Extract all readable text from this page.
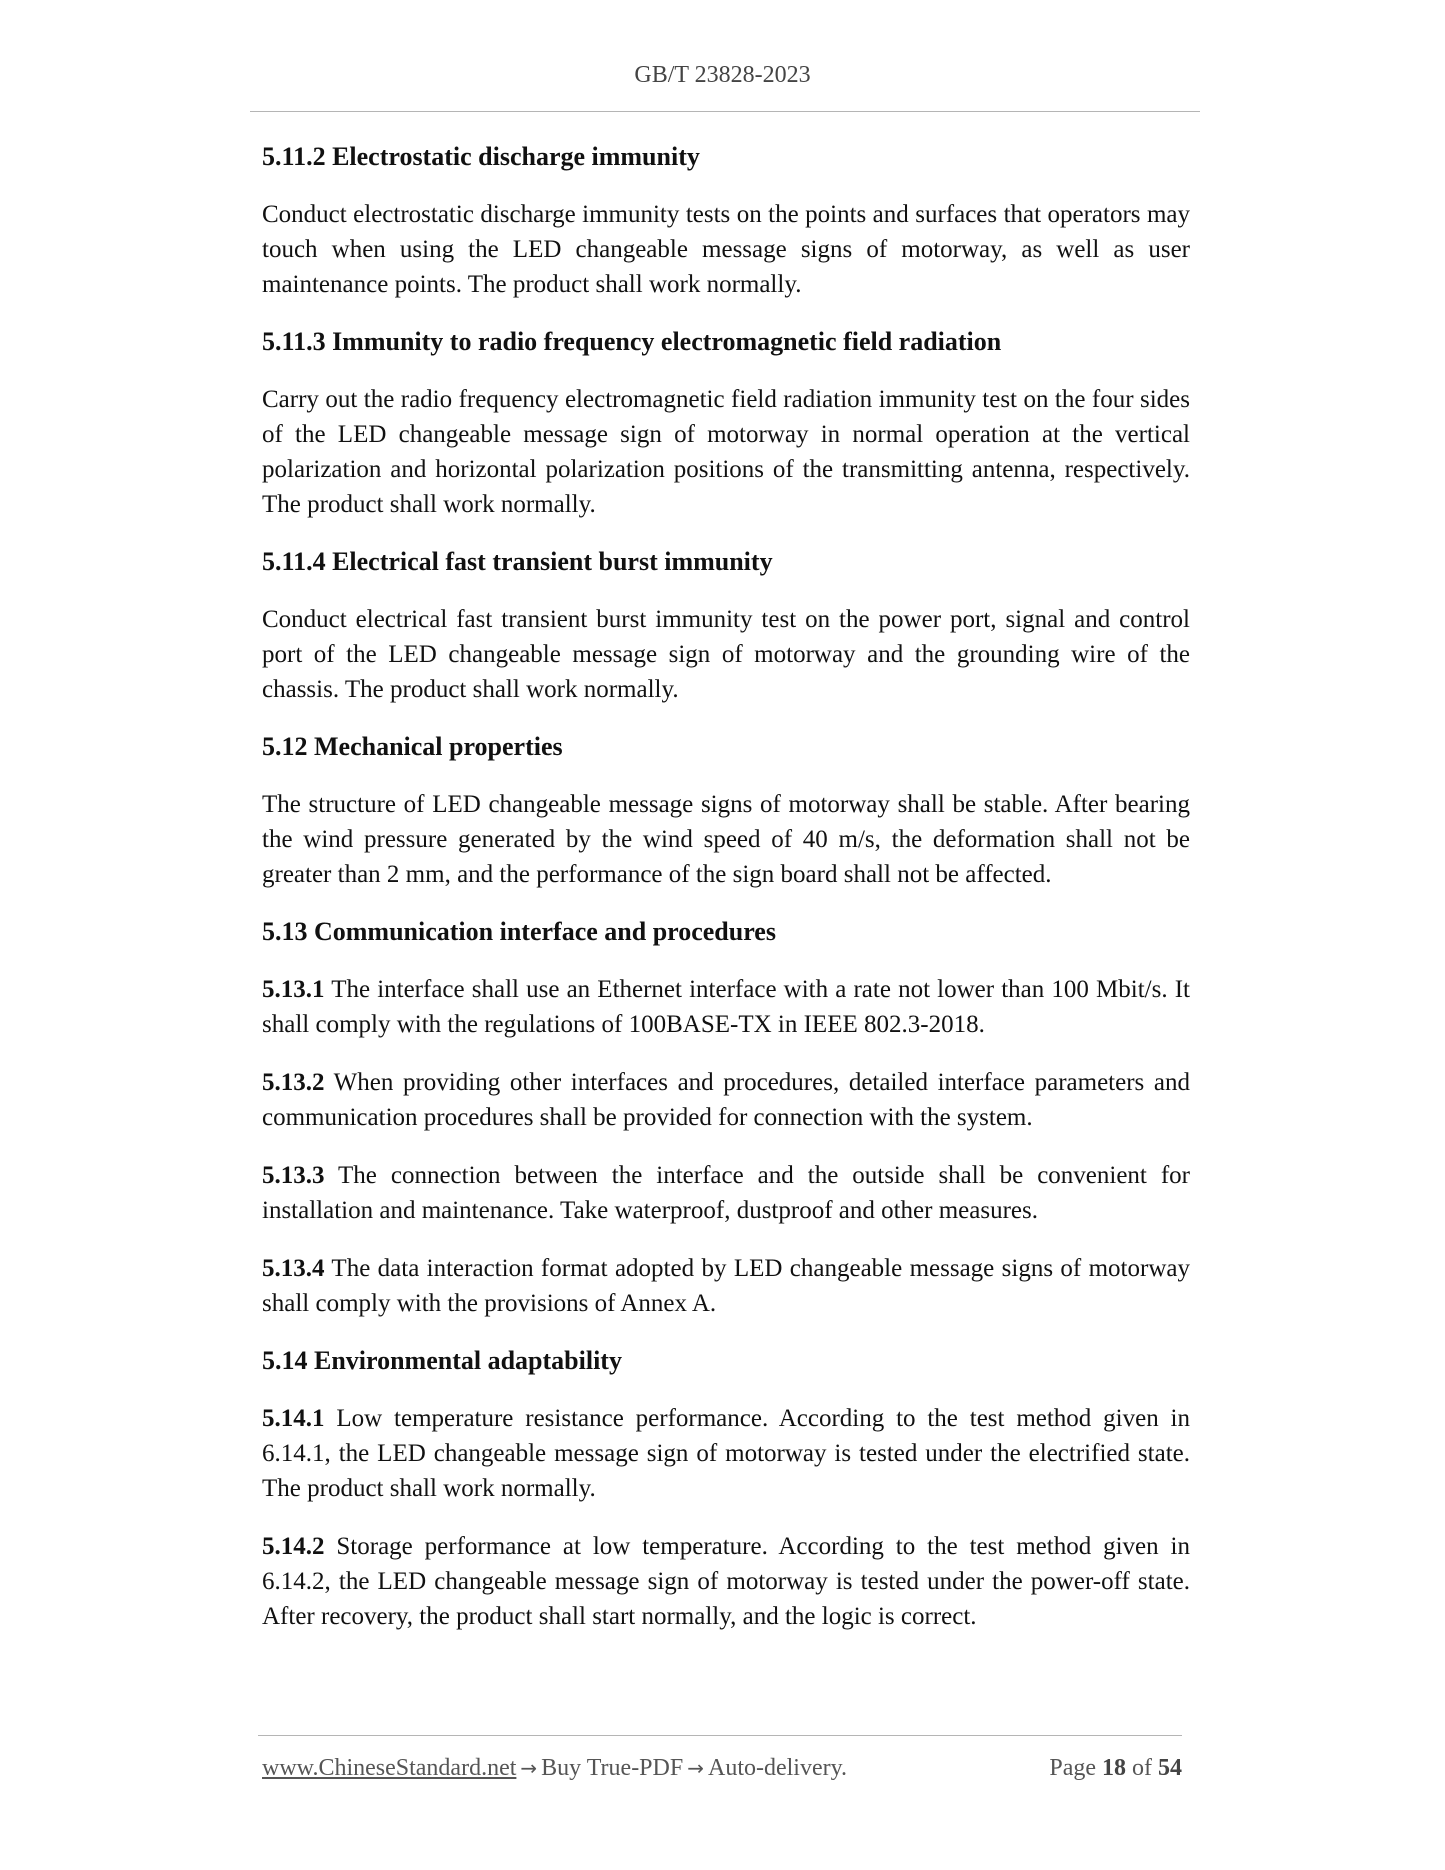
GB/T 23828-2023
5.11.2 Electrostatic discharge immunity
Conduct electrostatic discharge immunity tests on the points and surfaces that operators may touch when using the LED changeable message signs of motorway, as well as user maintenance points. The product shall work normally.
5.11.3 Immunity to radio frequency electromagnetic field radiation
Carry out the radio frequency electromagnetic field radiation immunity test on the four sides of the LED changeable message sign of motorway in normal operation at the vertical polarization and horizontal polarization positions of the transmitting antenna, respectively. The product shall work normally.
5.11.4 Electrical fast transient burst immunity
Conduct electrical fast transient burst immunity test on the power port, signal and control port of the LED changeable message sign of motorway and the grounding wire of the chassis. The product shall work normally.
5.12 Mechanical properties
The structure of LED changeable message signs of motorway shall be stable. After bearing the wind pressure generated by the wind speed of 40 m/s, the deformation shall not be greater than 2 mm, and the performance of the sign board shall not be affected.
5.13 Communication interface and procedures
5.13.1 The interface shall use an Ethernet interface with a rate not lower than 100 Mbit/s. It shall comply with the regulations of 100BASE-TX in IEEE 802.3-2018.
5.13.2 When providing other interfaces and procedures, detailed interface parameters and communication procedures shall be provided for connection with the system.
5.13.3 The connection between the interface and the outside shall be convenient for installation and maintenance. Take waterproof, dustproof and other measures.
5.13.4 The data interaction format adopted by LED changeable message signs of motorway shall comply with the provisions of Annex A.
5.14 Environmental adaptability
5.14.1 Low temperature resistance performance. According to the test method given in 6.14.1, the LED changeable message sign of motorway is tested under the electrified state. The product shall work normally.
5.14.2 Storage performance at low temperature. According to the test method given in 6.14.2, the LED changeable message sign of motorway is tested under the power-off state. After recovery, the product shall start normally, and the logic is correct.
www.ChineseStandard.net → Buy True-PDF → Auto-delivery.	Page 18 of 54
